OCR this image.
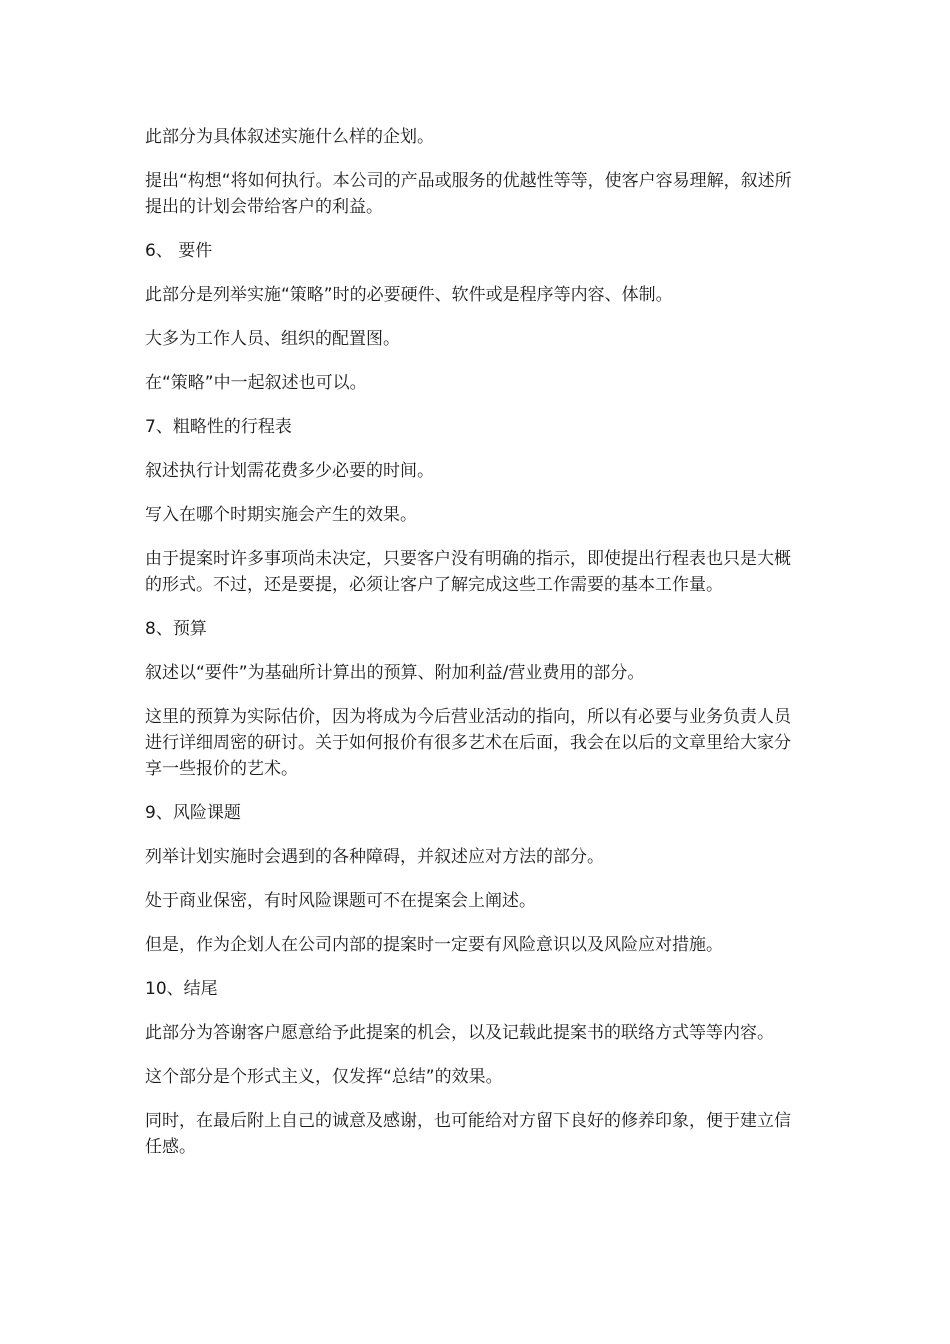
此部分为具体叙述实施什么样的企划。

提出“构想“将如何执行。本公司的产品或服务的优越性等等，使客户容易理解，叙述所提出的计划会带给客户的利益。

6、 要件

此部分是列举实施“策略”时的必要硬件、软件或是程序等内容、体制。

大多为工作人员、组织的配置图。

在“策略”中一起叙述也可以。

7、粗略性的行程表

叙述执行计划需花费多少必要的时间。

写入在哪个时期实施会产生的效果。

由于提案时许多事项尚未决定，只要客户没有明确的指示，即使提出行程表也只是大概的形式。不过，还是要提，必须让客户了解完成这些工作需要的基本工作量。

8、预算

叙述以“要件”为基础所计算出的预算、附加利益/营业费用的部分。

这里的预算为实际估价，因为将成为今后营业活动的指向，所以有必要与业务负责人员进行详细周密的研讨。关于如何报价有很多艺术在后面，我会在以后的文章里给大家分享一些报价的艺术。

9、风险课题

列举计划实施时会遇到的各种障碍，并叙述应对方法的部分。

处于商业保密，有时风险课题可不在提案会上阐述。

但是，作为企划人在公司内部的提案时一定要有风险意识以及风险应对措施。

10、结尾

此部分为答谢客户愿意给予此提案的机会，以及记载此提案书的联络方式等等内容。

这个部分是个形式主义，仅发挥“总结”的效果。

同时，在最后附上自己的诚意及感谢，也可能给对方留下良好的修养印象，便于建立信任感。
